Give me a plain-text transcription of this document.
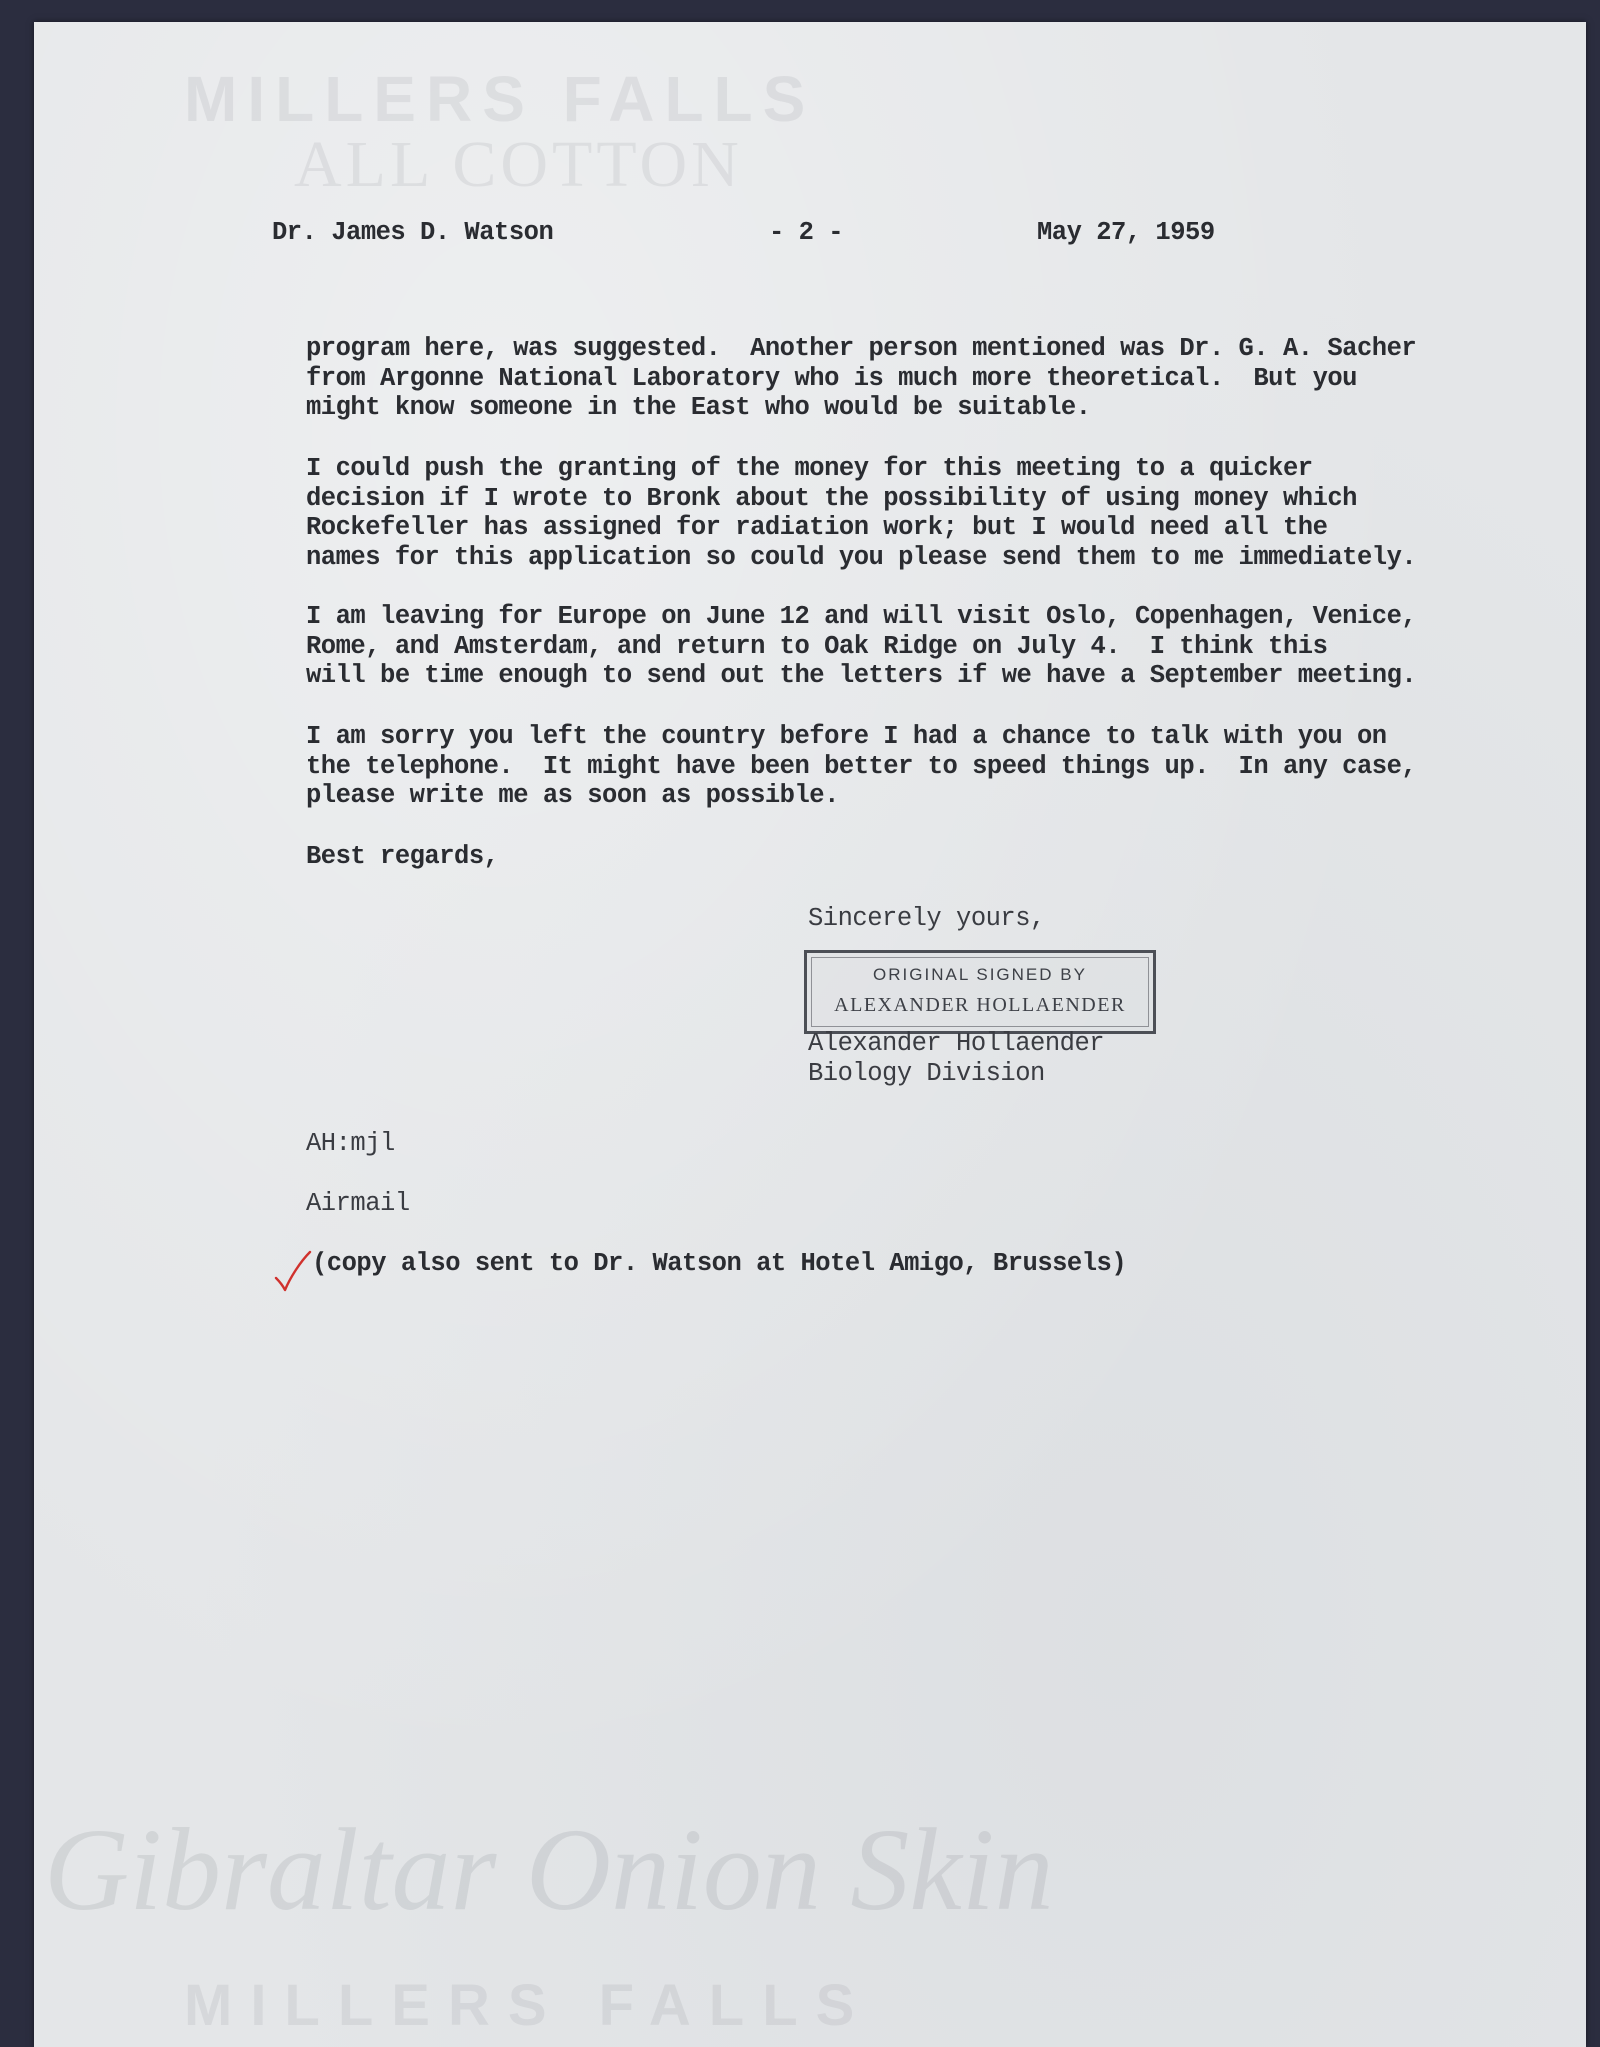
MILLERS FALLS
ALL COTTON
Gibraltar Onion Skin
MILLERS FALLS
Dr. James D. Watson	- 2 -	May 27, 1959
program here, was suggested.  Another person mentioned was Dr. G. A. Sacher
from Argonne National Laboratory who is much more theoretical.  But you
might know someone in the East who would be suitable.
I could push the granting of the money for this meeting to a quicker
decision if I wrote to Bronk about the possibility of using money which
Rockefeller has assigned for radiation work; but I would need all the
names for this application so could you please send them to me immediately.
I am leaving for Europe on June 12 and will visit Oslo, Copenhagen, Venice,
Rome, and Amsterdam, and return to Oak Ridge on July 4.  I think this
will be time enough to send out the letters if we have a September meeting.
I am sorry you left the country before I had a chance to talk with you on
the telephone.  It might have been better to speed things up.  In any case,
please write me as soon as possible.
Best regards,
Sincerely yours,
ORIGINAL SIGNED BY
ALEXANDER HOLLAENDER
Alexander Hollaender
Biology Division
AH:mjl
Airmail
(copy also sent to Dr. Watson at Hotel Amigo, Brussels)
